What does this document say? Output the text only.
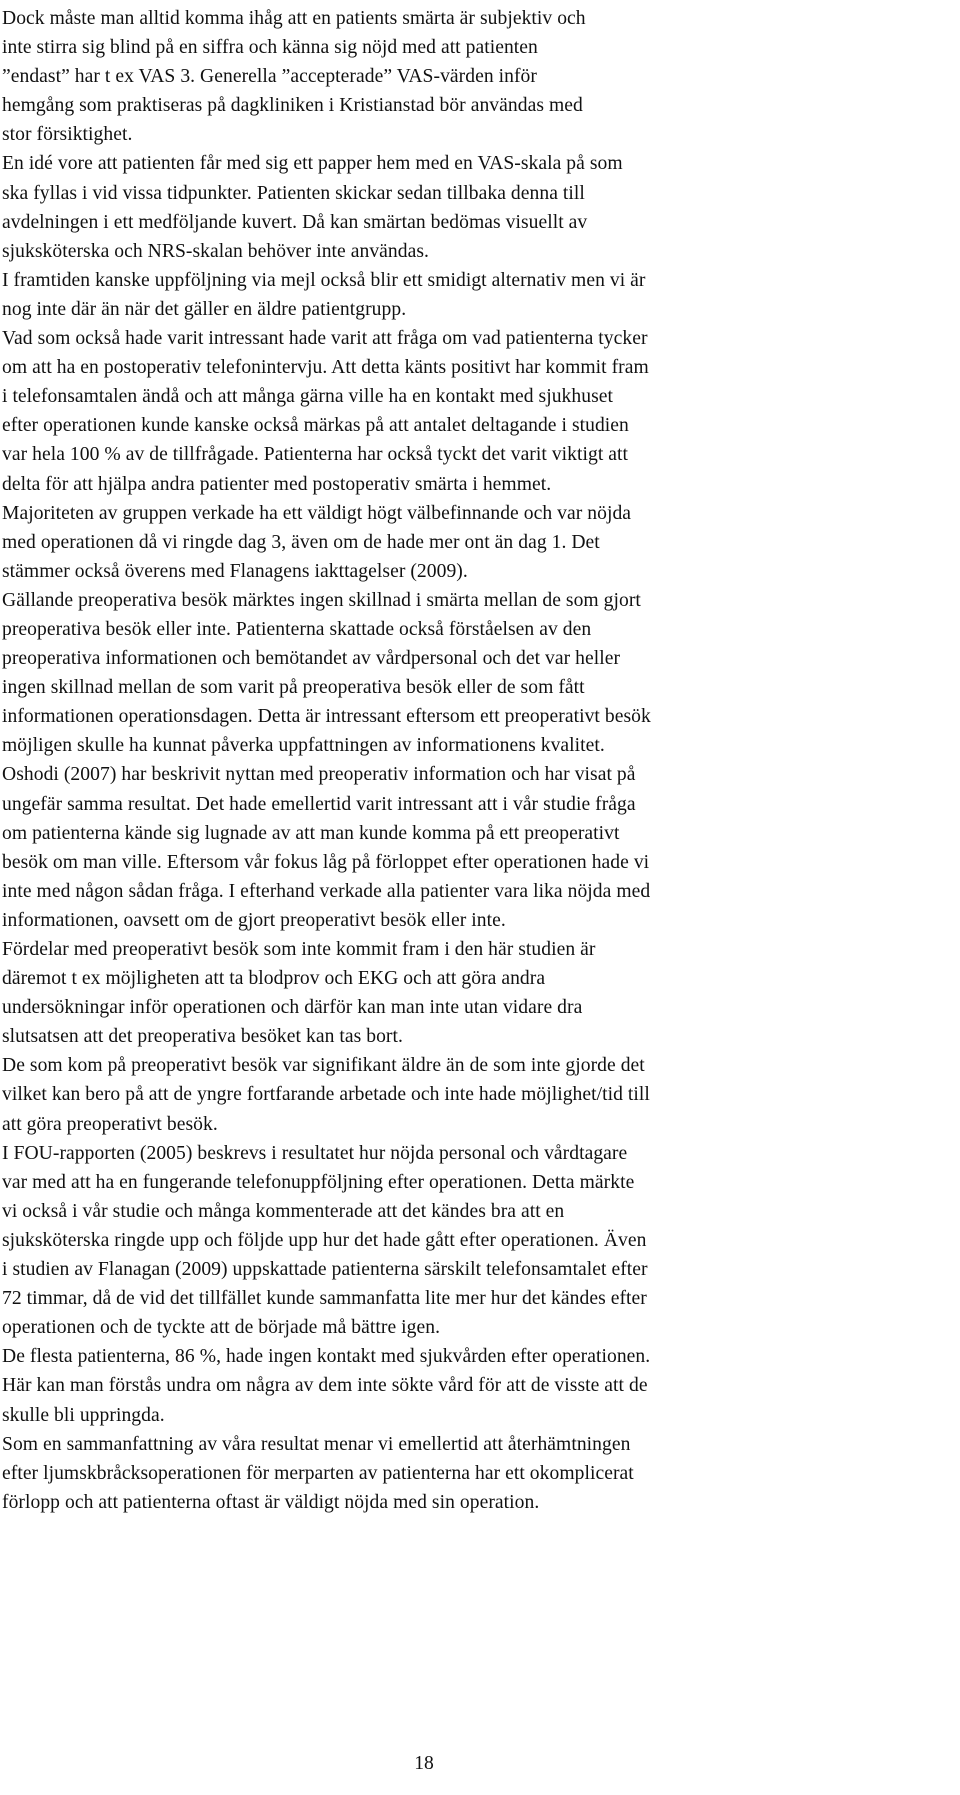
Dock måste man alltid komma ihåg att en patients smärta är subjektiv och
inte stirra sig blind på en siffra och känna sig nöjd med att patienten
”endast” har t ex VAS 3. Generella ”accepterade” VAS-värden inför
hemgång som praktiseras på dagkliniken i Kristianstad bör användas med
stor försiktighet.
En idé vore att patienten får med sig ett papper hem med en VAS-skala på som
ska fyllas i vid vissa tidpunkter. Patienten skickar sedan tillbaka denna till
avdelningen i ett medföljande kuvert. Då kan smärtan bedömas visuellt av
sjuksköterska och NRS-skalan behöver inte användas.
I framtiden kanske uppföljning via mejl också blir ett smidigt alternativ men vi är
nog inte där än när det gäller en äldre patientgrupp.
Vad som också hade varit intressant hade varit att fråga om vad patienterna tycker
om att ha en postoperativ telefonintervju. Att detta känts positivt har kommit fram
i telefonsamtalen ändå och att många gärna ville ha en kontakt med sjukhuset
efter operationen kunde kanske också märkas på att antalet deltagande i studien
var hela 100 % av de tillfrågade. Patienterna har också tyckt det varit viktigt att
delta för att hjälpa andra patienter med postoperativ smärta i hemmet.
Majoriteten av gruppen verkade ha ett väldigt högt välbefinnande och var nöjda
med operationen då vi ringde dag 3, även om de hade mer ont än dag 1. Det
stämmer också överens med Flanagens iakttagelser (2009).
Gällande preoperativa besök märktes ingen skillnad i smärta mellan de som gjort
preoperativa besök eller inte. Patienterna skattade också förståelsen av den
preoperativa informationen och bemötandet av vårdpersonal och det var heller
ingen skillnad mellan de som varit på preoperativa besök eller de som fått
informationen operationsdagen. Detta är intressant eftersom ett preoperativt besök
möjligen skulle ha kunnat påverka uppfattningen av informationens kvalitet.
Oshodi (2007) har beskrivit nyttan med preoperativ information och har visat på
ungefär samma resultat. Det hade emellertid varit intressant att i vår studie fråga
om patienterna kände sig lugnade av att man kunde komma på ett preoperativt
besök om man ville. Eftersom vår fokus låg på förloppet efter operationen hade vi
inte med någon sådan fråga. I efterhand verkade alla patienter vara lika nöjda med
informationen, oavsett om de gjort preoperativt besök eller inte.
Fördelar med preoperativt besök som inte kommit fram i den här studien är
däremot t ex möjligheten att ta blodprov och EKG och att göra andra
undersökningar inför operationen och därför kan man inte utan vidare dra
slutsatsen att det preoperativa besöket kan tas bort.
De som kom på preoperativt besök var signifikant äldre än de som inte gjorde det
vilket kan bero på att de yngre fortfarande arbetade och inte hade möjlighet/tid till
att göra preoperativt besök.
I FOU-rapporten (2005) beskrevs i resultatet hur nöjda personal och vårdtagare
var med att ha en fungerande telefonuppföljning efter operationen. Detta märkte
vi också i vår studie och många kommenterade att det kändes bra att en
sjuksköterska ringde upp och följde upp hur det hade gått efter operationen. Även
i studien av Flanagan (2009) uppskattade patienterna särskilt telefonsamtalet efter
72 timmar, då de vid det tillfället kunde sammanfatta lite mer hur det kändes efter
operationen och de tyckte att de började må bättre igen.
De flesta patienterna, 86 %, hade ingen kontakt med sjukvården efter operationen.
Här kan man förstås undra om några av dem inte sökte vård för att de visste att de
skulle bli uppringda.
Som en sammanfattning av våra resultat menar vi emellertid att återhämtningen
efter ljumskbråcksoperationen för merparten av patienterna har ett okomplicerat
förlopp och att patienterna oftast är väldigt nöjda med sin operation.
18
